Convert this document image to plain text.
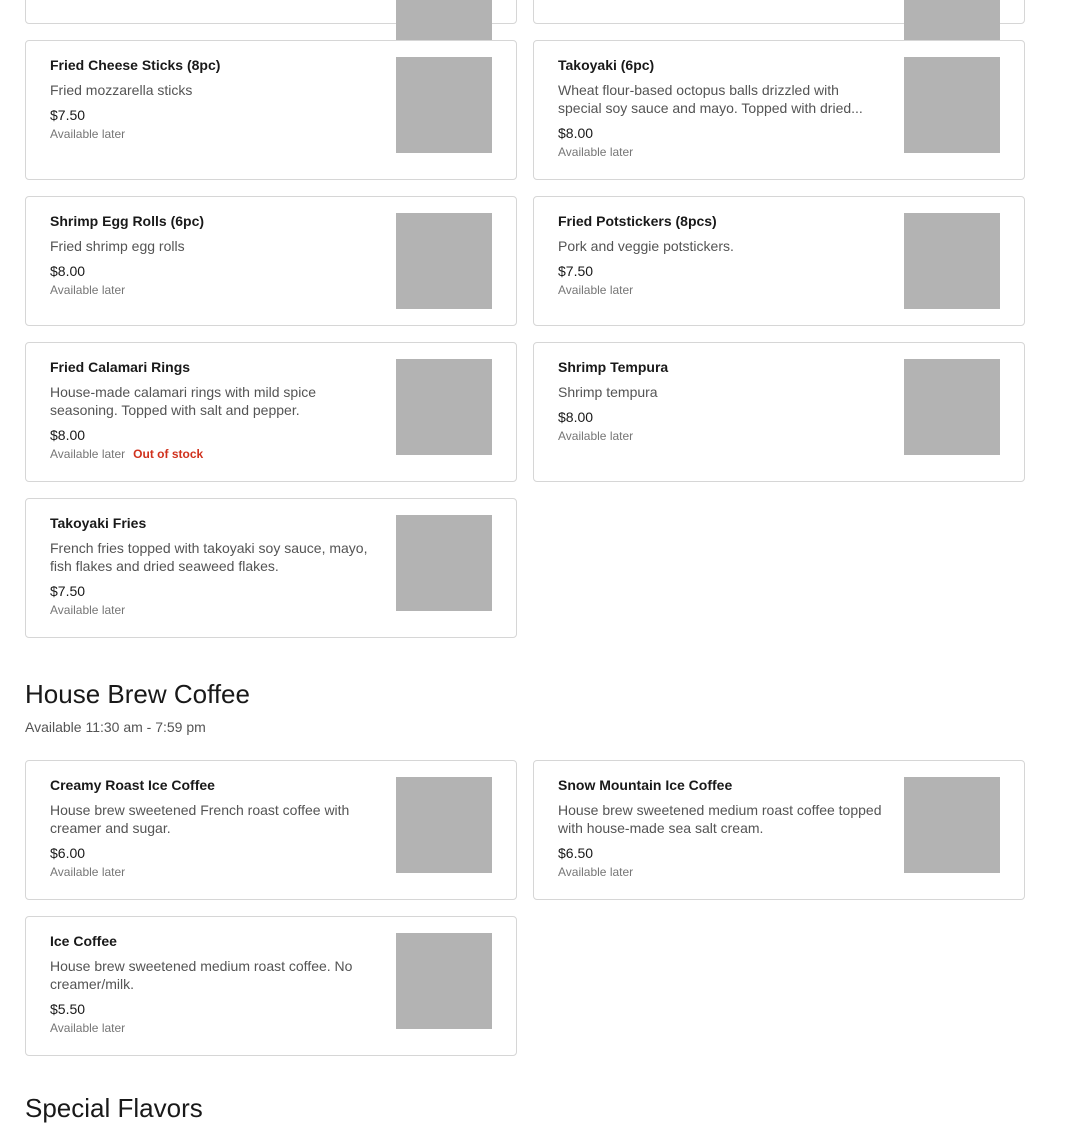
Fried Cheese Sticks (8pc)
Fried mozzarella sticks
$7.50
Available later
Takoyaki (6pc)
Wheat flour-based octopus balls drizzled with special soy sauce and mayo. Topped with dried...
$8.00
Available later
Shrimp Egg Rolls (6pc)
Fried shrimp egg rolls
$8.00
Available later
Fried Potstickers (8pcs)
Pork and veggie potstickers.
$7.50
Available later
Fried Calamari Rings
House-made calamari rings with mild spice seasoning. Topped with salt and pepper.
$8.00
Available later Out of stock
Shrimp Tempura
Shrimp tempura
$8.00
Available later
Takoyaki Fries
French fries topped with takoyaki soy sauce, mayo, fish flakes and dried seaweed flakes.
$7.50
Available later
House Brew Coffee

Available 11:30 am - 7:59 pm

Creamy Roast Ice Coffee
House brew sweetened French roast coffee with creamer and sugar.
$6.00
Available later
Snow Mountain Ice Coffee
House brew sweetened medium roast coffee topped with house-made sea salt cream.
$6.50
Available later
Ice Coffee
House brew sweetened medium roast coffee. No creamer/milk.
$5.50
Available later
Special Flavors
